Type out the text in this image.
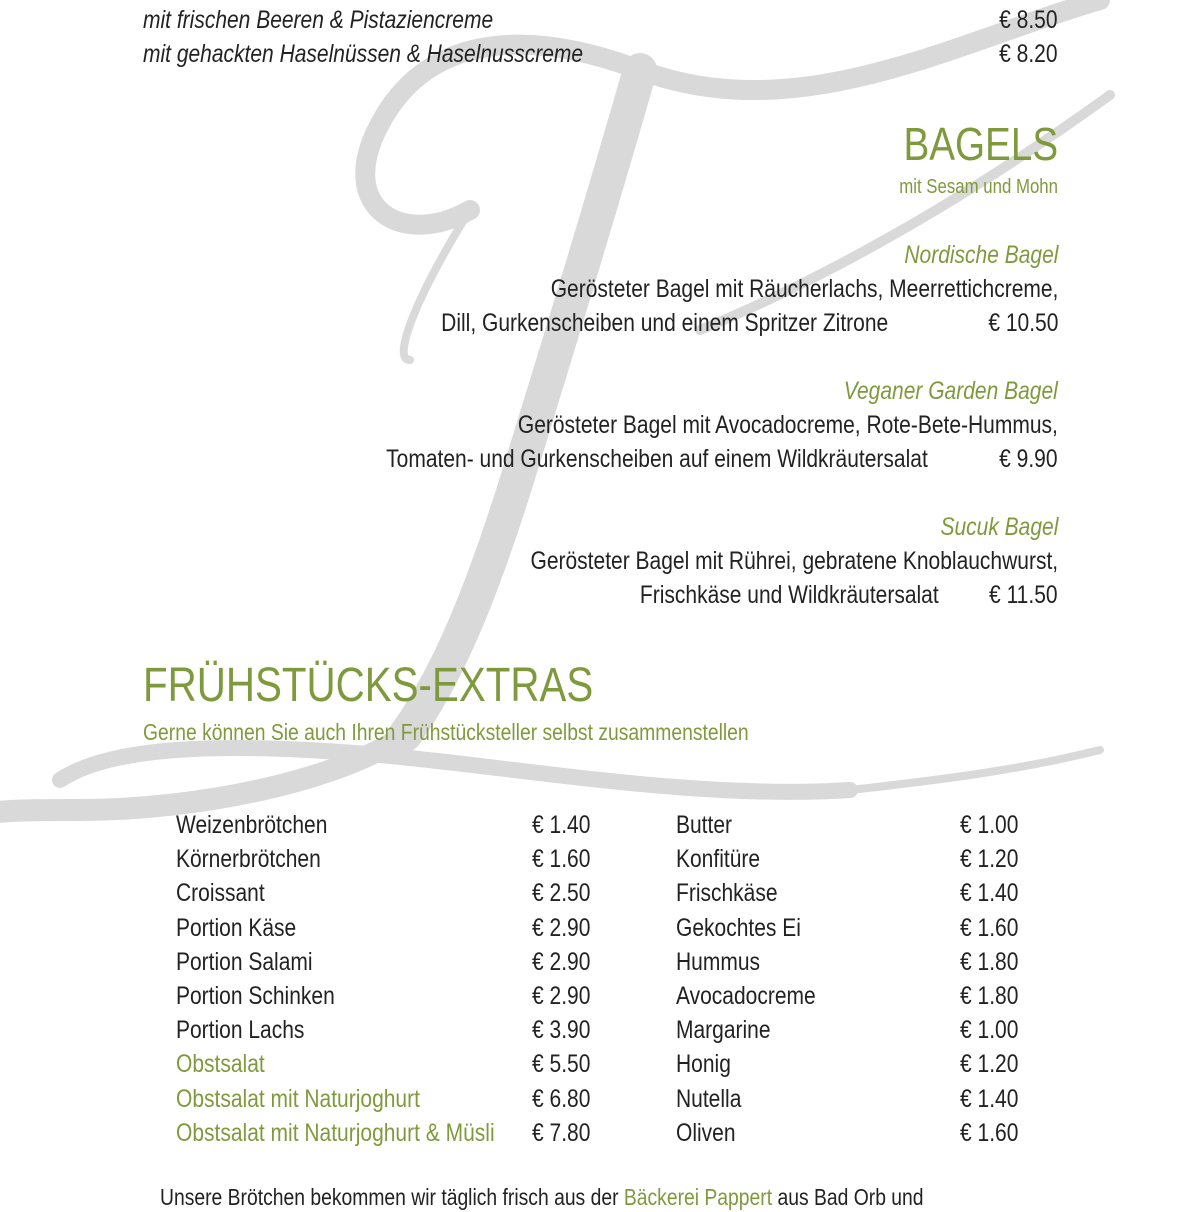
mit frischen Beeren & Pistaziencreme	€ 8.50
mit gehackten Haselnüssen & Haselnusscreme	€ 8.20
BAGELS
mit Sesam und Mohn
Nordische Bagel
Gerösteter Bagel mit Räucherlachs, Meerrettichcreme,
Dill, Gurkenscheiben und einem Spritzer Zitrone	€ 10.50
Veganer Garden Bagel
Gerösteter Bagel mit Avocadocreme, Rote-Bete-Hummus,
Tomaten- und Gurkenscheiben auf einem Wildkräutersalat	€ 9.90
Sucuk Bagel
Gerösteter Bagel mit Rührei, gebratene Knoblauchwurst,
Frischkäse und Wildkräutersalat	€ 11.50
FRÜHSTÜCKS-EXTRAS
Gerne können Sie auch Ihren Frühstücksteller selbst zusammenstellen
Weizenbrötchen	€ 1.40
Körnerbrötchen	€ 1.60
Croissant	€ 2.50
Portion Käse	€ 2.90
Portion Salami	€ 2.90
Portion Schinken	€ 2.90
Portion Lachs	€ 3.90
Obstsalat	€ 5.50
Obstsalat mit Naturjoghurt	€ 6.80
Obstsalat mit Naturjoghurt & Müsli	€ 7.80
Butter	€ 1.00
Konfitüre	€ 1.20
Frischkäse	€ 1.40
Gekochtes Ei	€ 1.60
Hummus	€ 1.80
Avocadocreme	€ 1.80
Margarine	€ 1.00
Honig	€ 1.20
Nutella	€ 1.40
Oliven	€ 1.60
Unsere Brötchen bekommen wir täglich frisch aus der Bäckerei Pappert aus Bad Orb und
